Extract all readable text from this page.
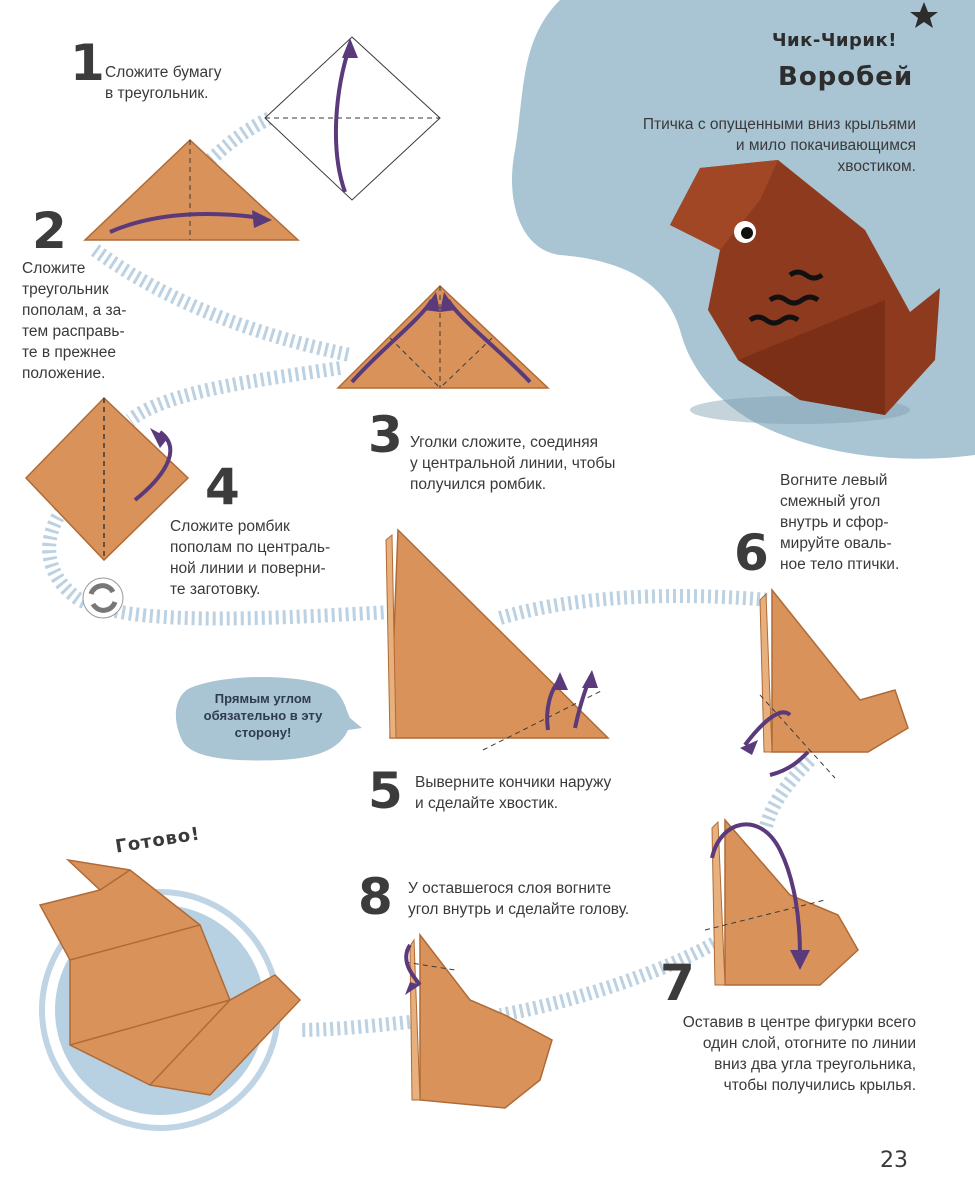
Чик-Чирик!
Воробей
Птичка с опущенными вниз крыльями
и мило покачивающимся
хвостиком.
1 Сложите бумагу
в треугольник.
2
Сложите
треугольник
пополам, а за-
тем расправь-
те в прежнее
положение.
3 Уголки сложите, соединяя
у центральной линии, чтобы
получился ромбик.
4
Сложите ромбик
пополам по централь-
ной линии и поверни-
те заготовку.
Прямым углом
обязательно в эту
сторону!
5 Выверните кончики наружу
и сделайте хвостик.
Вогните левый
смежный угол
внутрь и сфор-
мируйте оваль-
ное тело птички.
6
7
Оставив в центре фигурки всего
один слой, отогните по линии
вниз два угла треугольника,
чтобы получились крылья.
8 У оставшегося слоя вогните
угол внутрь и сделайте голову.
Готово!
23
